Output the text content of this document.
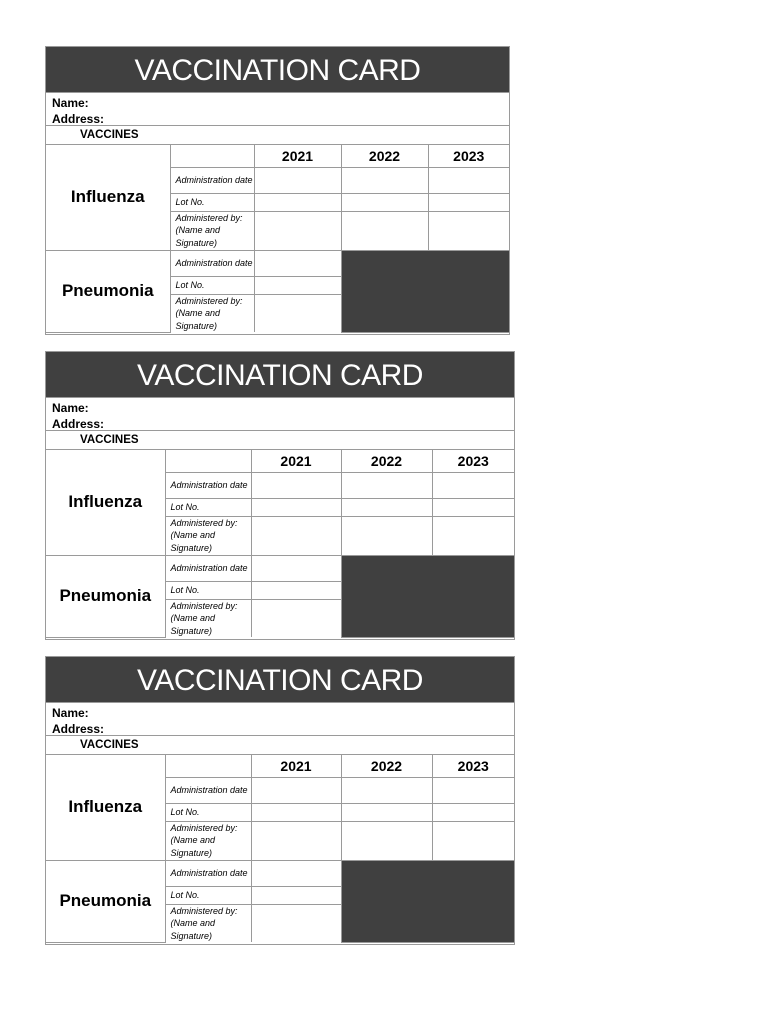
VACCINATION CARD
Name:
Address:
VACCINES
Influenza		2021	2022	2023
	Administration date			
	Lot No.			
	Administered by: (Name and Signature)			
Pneumonia	Administration date			
	Lot No.			
	Administered by: (Name and Signature)			
VACCINATION CARD
Name:
Address:
VACCINES
Influenza		2021	2022	2023
	Administration date			
	Lot No.			
	Administered by: (Name and Signature)			
Pneumonia	Administration date			
	Lot No.			
	Administered by: (Name and Signature)			
VACCINATION CARD
Name:
Address:
VACCINES
Influenza		2021	2022	2023
	Administration date			
	Lot No.			
	Administered by: (Name and Signature)			
Pneumonia	Administration date			
	Lot No.			
	Administered by: (Name and Signature)			
